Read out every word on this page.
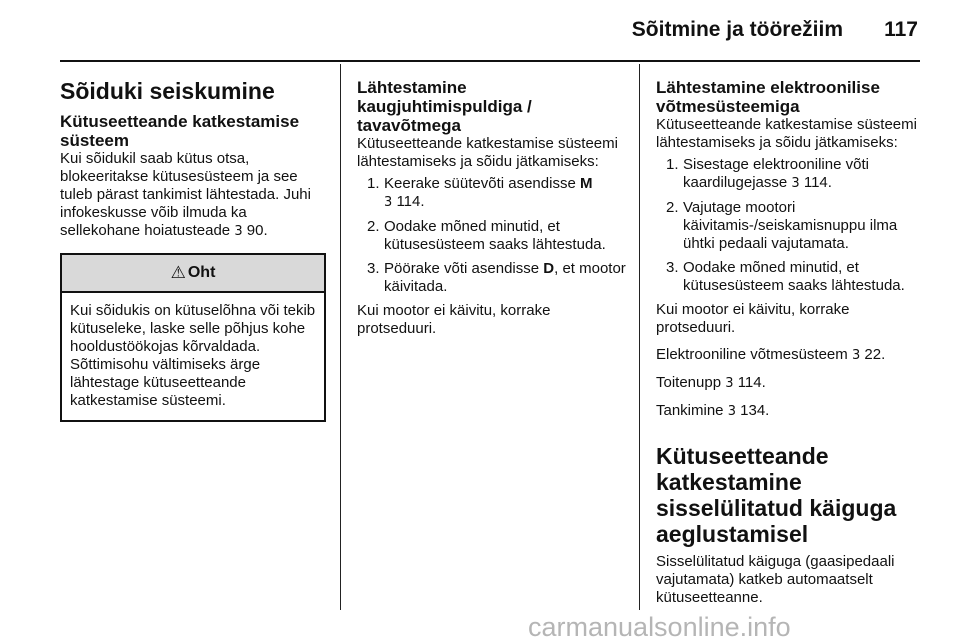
Sõitmine ja töörežiim 117
Sõiduki seiskumine
Kütuseetteande katkestamise süsteem

Kui sõidukil saab kütus otsa, blokeeritakse kütusesüsteem ja see tuleb pärast tankimist lähtestada. Juhi infokeskusse võib ilmuda ka sellekohane hoiatusteade 3 90.

⚠ Oht
Kui sõidukis on kütuselõhna või tekib kütuseleke, laske selle põhjus kohe hooldustöökojas kõrvaldada. Sõttimisohu vältimiseks ärge lähtestage kütuseetteande katkestamise süsteemi.
Lähtestamine kaugjuhtimispuldiga / tavavõtmega

Kütuseetteande katkestamise süsteemi lähtestamiseks ja sõidu jätkamiseks:

1. Keerake süütevõti asendisse M
3 114.
2. Oodake mõned minutid, et kütusesüsteem saaks lähtestuda.
3. Pöörake võti asendisse D, et mootor käivitada.

Kui mootor ei käivitu, korrake protseduuri.

Lähtestamine elektroonilise võtmesüsteemiga

Kütuseetteande katkestamise süsteemi lähtestamiseks ja sõidu jätkamiseks:

1. Sisestage elektrooniline võti kaardilugejasse 3 114.
2. Vajutage mootori käivitamis-/seiskamisnuppu ilma ühtki pedaali vajutamata.
3. Oodake mõned minutid, et kütusesüsteem saaks lähtestuda.

Kui mootor ei käivitu, korrake protseduuri.

Elektrooniline võtmesüsteem 3 22.

Toitenupp 3 114.

Tankimine 3 134.

Kütuseetteande katkestamine sisselülitatud käiguga aeglustamisel

Sisselülitatud käiguga (gaasipedaali vajutamata) katkeb automaatselt kütuseetteanne.

carmanualsonline.info
